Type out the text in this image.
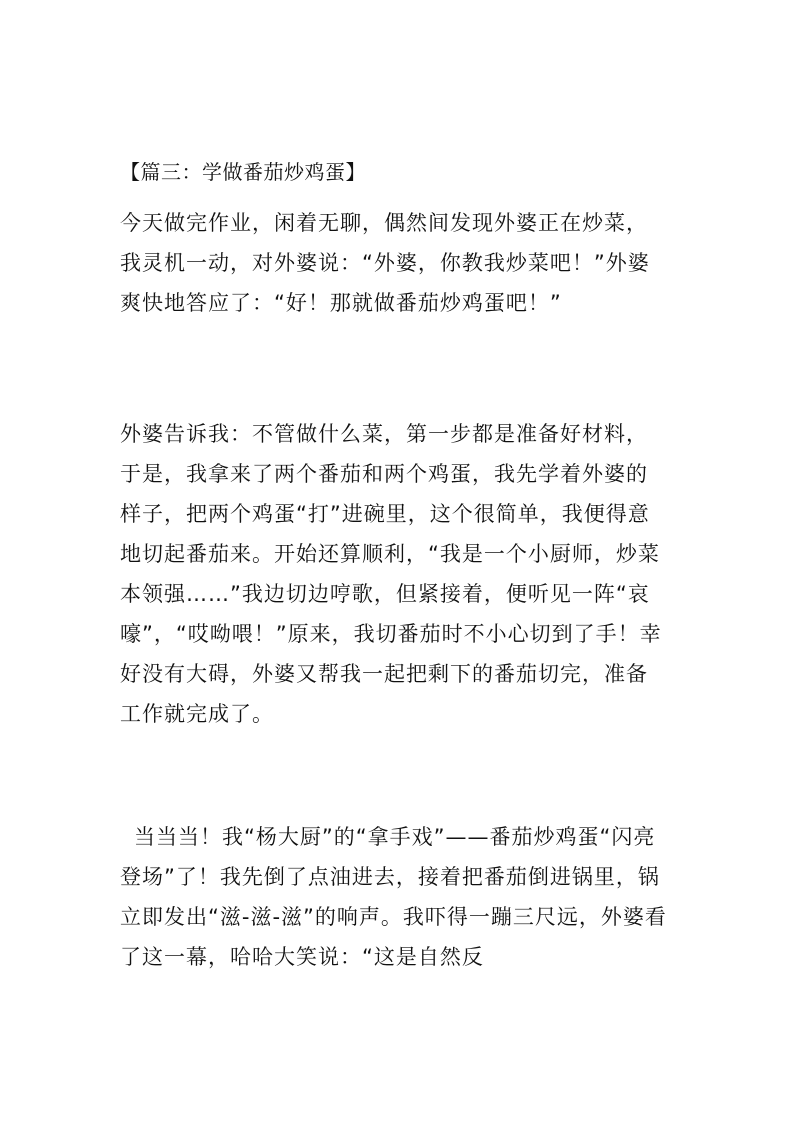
【篇三：学做番茄炒鸡蛋】

今天做完作业，闲着无聊，偶然间发现外婆正在炒菜，我灵机一动，对外婆说：“外婆，你教我炒菜吧！”外婆爽快地答应了：“好！那就做番茄炒鸡蛋吧！”

外婆告诉我：不管做什么菜，第一步都是准备好材料，于是，我拿来了两个番茄和两个鸡蛋，我先学着外婆的样子，把两个鸡蛋“打”进碗里，这个很简单，我便得意地切起番茄来。开始还算顺利，“我是一个小厨师，炒菜本领强……”我边切边哼歌，但紧接着，便听见一阵“哀嚎”，“哎呦喂！”原来，我切番茄时不小心切到了手！幸好没有大碍，外婆又帮我一起把剩下的番茄切完，准备工作就完成了。

当当当！我“杨大厨”的“拿手戏”——番茄炒鸡蛋“闪亮登场”了！我先倒了点油进去，接着把番茄倒进锅里，锅立即发出“滋-滋-滋”的响声。我吓得一蹦三尺远，外婆看了这一幕，哈哈大笑说：“这是自然反
